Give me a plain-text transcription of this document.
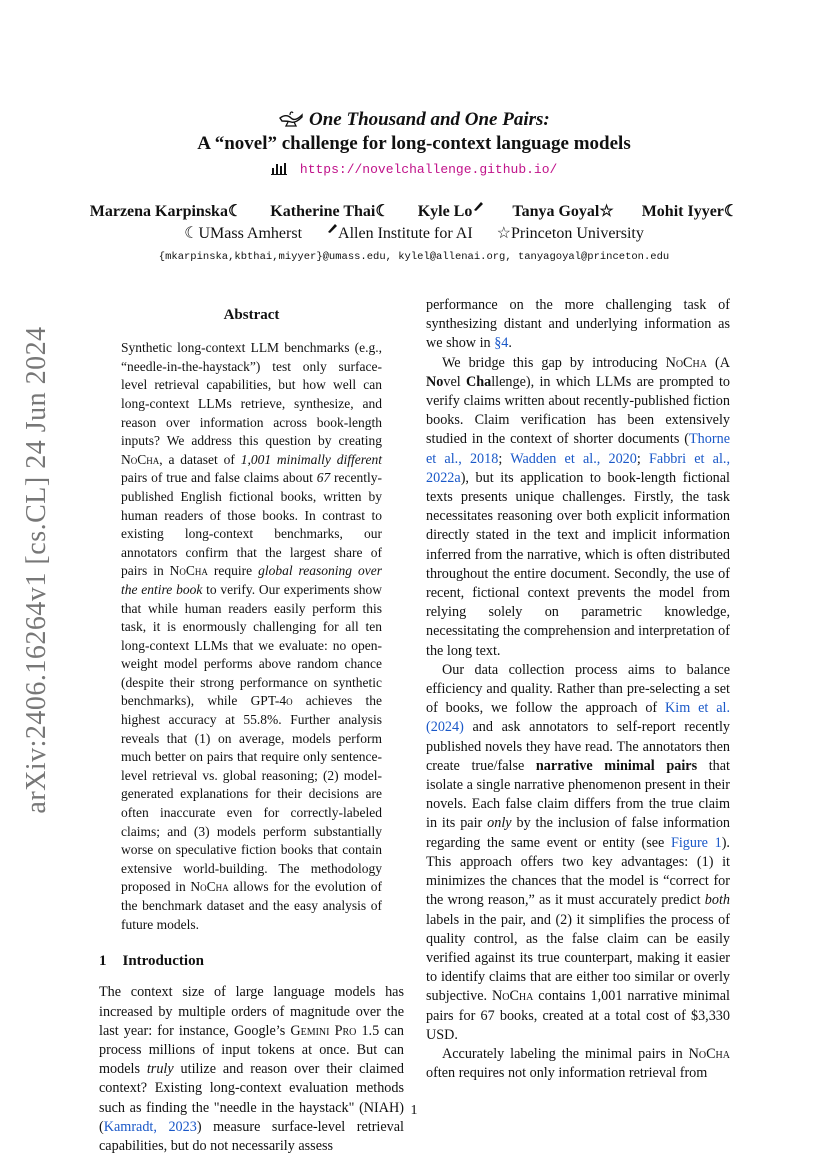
arXiv:2406.16264v1 [cs.CL] 24 Jun 2024
One Thousand and One Pairs:
A “novel” challenge for long-context language models
https://novelchallenge.github.io/
Marzena Karpinska☾ Katherine Thai☾ Kyle Lo	Tanya Goyal☆ Mohit Iyyer☾
☾UMass Amherst Allen Institute for AI ☆Princeton University
{mkarpinska,kbthai,miyyer}@umass.edu, kylel@allenai.org, tanyagoyal@princeton.edu
Abstract

Synthetic long-context LLM benchmarks (e.g., “needle-in-the-haystack”) test only surface-level retrieval capabilities, but how well can long-context LLMs retrieve, synthesize, and reason over information across book-length inputs? We address this question by creating NoCha, a dataset of 1,001 minimally different pairs of true and false claims about 67 recently-published English fictional books, written by human readers of those books. In contrast to existing long-context benchmarks, our annotators confirm that the largest share of pairs in NoCha require global reasoning over the entire book to verify. Our experiments show that while human readers easily perform this task, it is enormously challenging for all ten long-context LLMs that we evaluate: no open-weight model performs above random chance (despite their strong performance on synthetic benchmarks), while GPT-4o achieves the highest accuracy at 55.8%. Further analysis reveals that (1) on average, models perform much better on pairs that require only sentence-level retrieval vs. global reasoning; (2) model-generated explanations for their decisions are often inaccurate even for correctly-labeled claims; and (3) models perform substantially worse on speculative fiction books that contain extensive world-building. The methodology proposed in NoCha allows for the evolution of the benchmark dataset and the easy analysis of future models.

1 Introduction

The context size of large language models has increased by multiple orders of magnitude over the last year: for instance, Google’s Gemini Pro 1.5 can process millions of input tokens at once. But can models truly utilize and reason over their claimed context? Existing long-context evaluation methods such as finding the "needle in the haystack" (NIAH) (Kamradt, 2023) measure surface-level retrieval capabilities, but do not necessarily assess

performance on the more challenging task of synthesizing distant and underlying information as we show in §4.

We bridge this gap by introducing NoCha (A Novel Challenge), in which LLMs are prompted to verify claims written about recently-published fiction books. Claim verification has been extensively studied in the context of shorter documents (Thorne et al., 2018; Wadden et al., 2020; Fabbri et al., 2022a), but its application to book-length fictional texts presents unique challenges. Firstly, the task necessitates reasoning over both explicit information directly stated in the text and implicit information inferred from the narrative, which is often distributed throughout the entire document. Secondly, the use of recent, fictional context prevents the model from relying solely on parametric knowledge, necessitating the comprehension and interpretation of the long text.

Our data collection process aims to balance efficiency and quality. Rather than pre-selecting a set of books, we follow the approach of Kim et al. (2024) and ask annotators to self-report recently published novels they have read. The annotators then create true/false narrative minimal pairs that isolate a single narrative phenomenon present in their novels. Each false claim differs from the true claim in its pair only by the inclusion of false information regarding the same event or entity (see Figure 1). This approach offers two key advantages: (1) it minimizes the chances that the model is “correct for the wrong reason,” as it must accurately predict both labels in the pair, and (2) it simplifies the process of quality control, as the false claim can be easily verified against its true counterpart, making it easier to identify claims that are either too similar or overly subjective. NoCha contains 1,001 narrative minimal pairs for 67 books, created at a total cost of $3,330 USD.

Accurately labeling the minimal pairs in NoCha often requires not only information retrieval from

1
